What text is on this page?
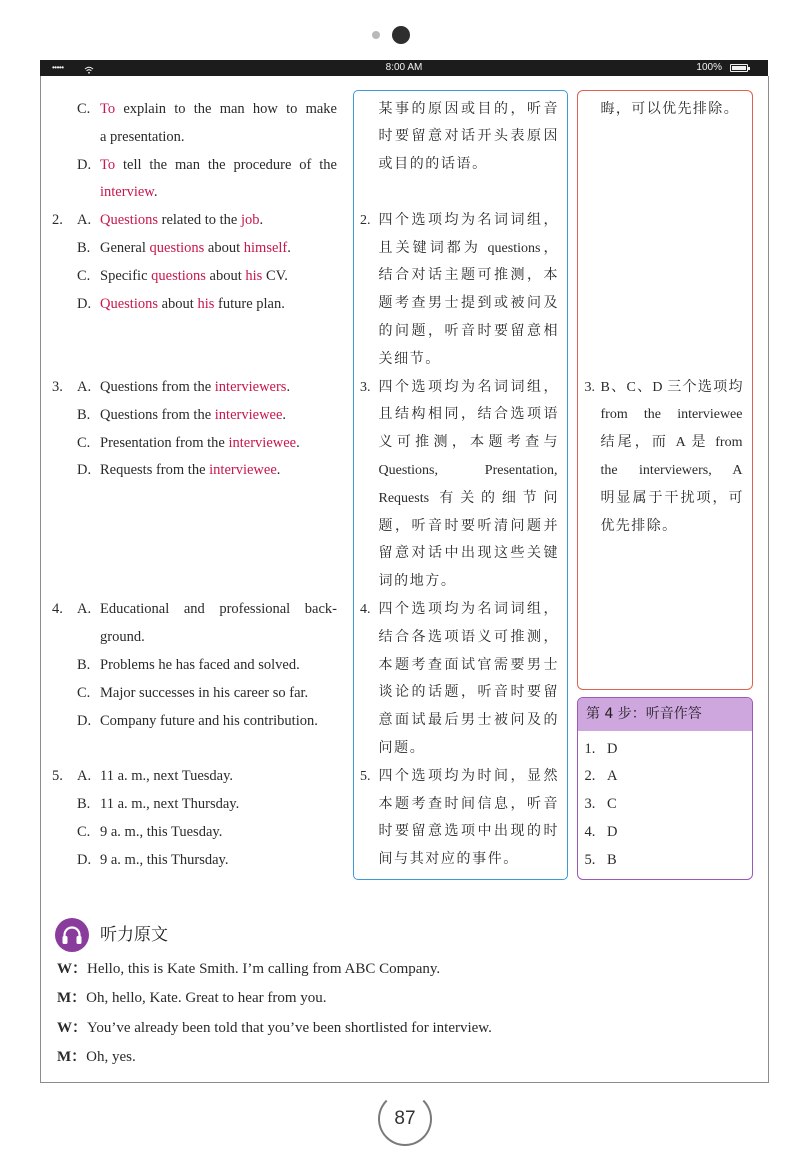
•••••	8:00 AM	100%
C. To explain to the man how to make
a presentation.
D. To tell the man the procedure of the
interview.
2. A. Questions related to the job.
B. General questions about himself.
C. Specific questions about his CV.
D. Questions about his future plan.
3. A. Questions from the interviewers.
B. Questions from the interviewee.
C. Presentation from the interviewee.
D. Requests from the interviewee.
4. A. Educational and professional back-
ground.
B. Problems he has faced and solved.
C. Major successes in his career so far.
D. Company future and his contribution.
5. A. 11 a. m., next Tuesday.
B. 11 a. m., next Thursday.
C. 9 a. m., this Tuesday.
D. 9 a. m., this Thursday.
某事的原因或目的，听音
时要留意对话开头表原因
或目的的话语。
2. 四个选项均为名词词组，
且关键词都为 questions，
结合对话主题可推测，本
题考查男士提到或被问及
的问题，听音时要留意相
关细节。
3. 四个选项均为名词词组，
且结构相同，结合选项语
义可推测，本题考查与
Questions, Presentation,
Requests 有关的细节问
题，听音时要听清问题并
留意对话中出现这些关键
词的地方。
4. 四个选项均为名词词组，
结合各选项语义可推测，
本题考查面试官需要男士
谈论的话题，听音时要留
意面试最后男士被问及的
问题。
5. 四个选项均为时间，显然
本题考查时间信息，听音
时要留意选项中出现的时
间与其对应的事件。
晦，可以优先排除。
3. B、C、D 三个选项均
from the interviewee
结尾，而 A 是 from
the interviewers, A
明显属于干扰项，可
优先排除。
第 4 步：听音作答
1. D
2. A
3. C
4. D
5. B
听力原文
W：Hello, this is Kate Smith. I’m calling from ABC Company.
M：Oh, hello, Kate. Great to hear from you.
W：You’ve already been told that you’ve been shortlisted for interview.
M：Oh, yes.
87
